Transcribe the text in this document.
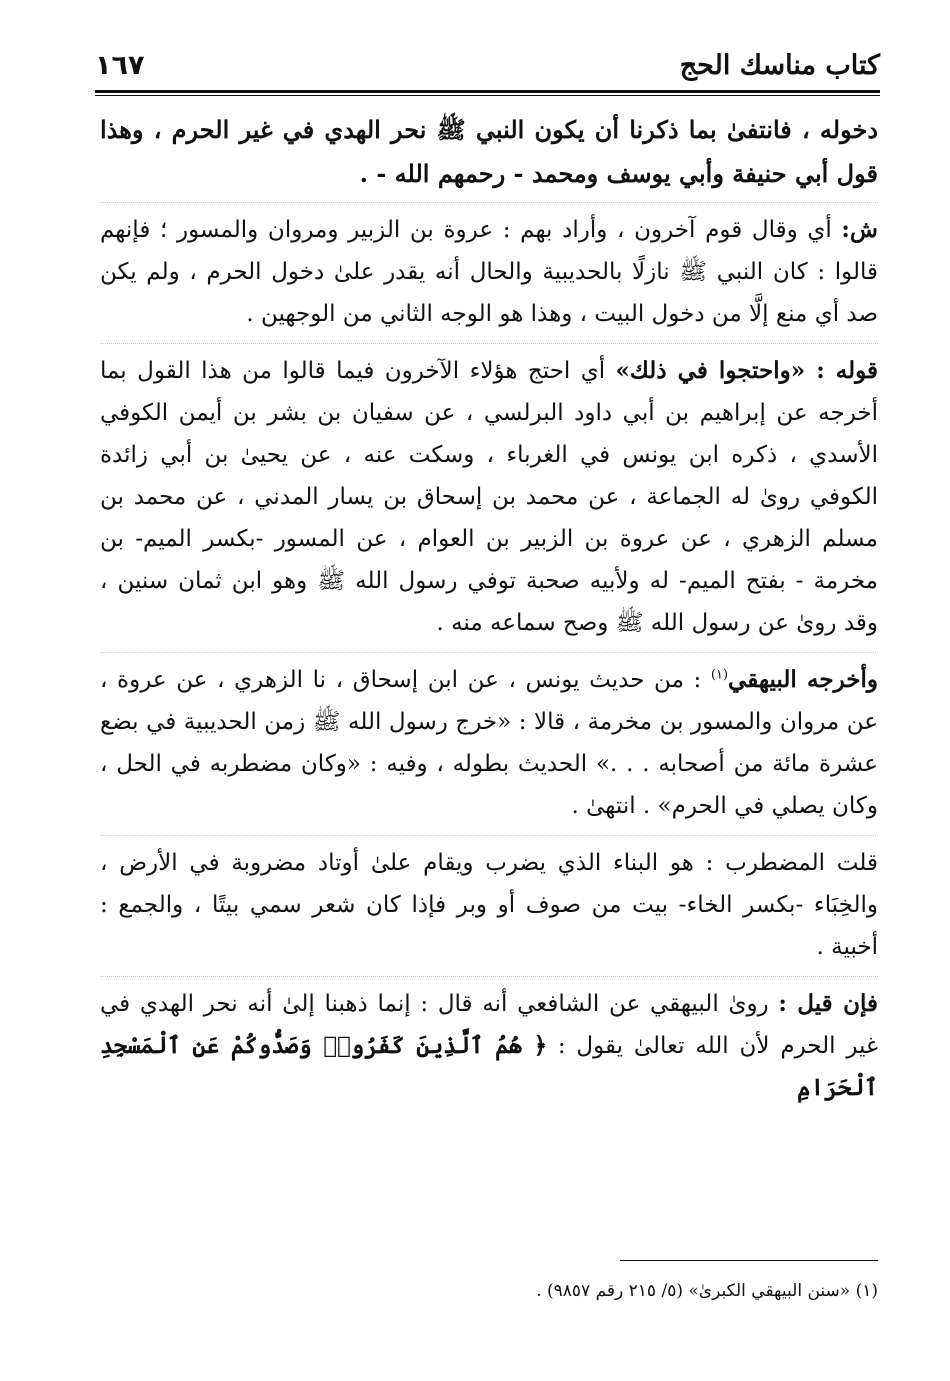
كتاب مناسك الحج
١٦٧

دخوله ، فانتفىٰ بما ذكرنا أن يكون النبي ﷺ نحر الهدي في غير الحرم ، وهذا قول أبي حنيفة وأبي يوسف ومحمد - رحمهم الله - .

ش: أي وقال قوم آخرون ، وأراد بهم : عروة بن الزبير ومروان والمسور ؛ فإنهم قالوا : كان النبي ﷺ نازلًا بالحديبية والحال أنه يقدر علىٰ دخول الحرم ، ولم يكن صد أي منع إلَّا من دخول البيت ، وهذا هو الوجه الثاني من الوجهين .

قوله : «واحتجوا في ذلك» أي احتج هؤلاء الآخرون فيما قالوا من هذا القول بما أخرجه عن إبراهيم بن أبي داود البرلسي ، عن سفيان بن بشر بن أيمن الكوفي الأسدي ، ذكره ابن يونس في الغرباء ، وسكت عنه ، عن يحيىٰ بن أبي زائدة الكوفي روىٰ له الجماعة ، عن محمد بن إسحاق بن يسار المدني ، عن محمد بن مسلم الزهري ، عن عروة بن الزبير بن العوام ، عن المسور -بكسر الميم- بن مخرمة - بفتح الميم- له ولأبيه صحبة توفي رسول الله ﷺ وهو ابن ثمان سنين ، وقد روىٰ عن رسول الله ﷺ وصح سماعه منه .

وأخرجه البيهقي$^{(١)}$ : من حديث يونس ، عن ابن إسحاق ، نا الزهري ، عن عروة ، عن مروان والمسور بن مخرمة ، قالا : «خرج رسول الله ﷺ زمن الحديبية في بضع عشرة مائة من أصحابه . . .» الحديث بطوله ، وفيه : «وكان مضطربه في الحل ، وكان يصلي في الحرم» . انتهىٰ .

قلت المضطرب : هو البناء الذي يضرب ويقام علىٰ أوتاد مضروبة في الأرض ، والخِبَاء -بكسر الخاء- بيت من صوف أو وبر فإذا كان شعر سمي بيتًا ، والجمع : أخبية .

فإن قيل : روىٰ البيهقي عن الشافعي أنه قال : إنما ذهبنا إلىٰ أنه نحر الهدي في غير الحرم لأن الله تعالىٰ يقول : ﴿ هُمُ ٱلَّذِينَ كَفَرُوا۟ وَصَدُّوكُمْ عَنِ ٱلْمَسْجِدِ ٱلْحَرَامِ

(١) «سنن البيهقي الكبرىٰ» (٥/ ٢١٥ رقم ٩٨٥٧) .
